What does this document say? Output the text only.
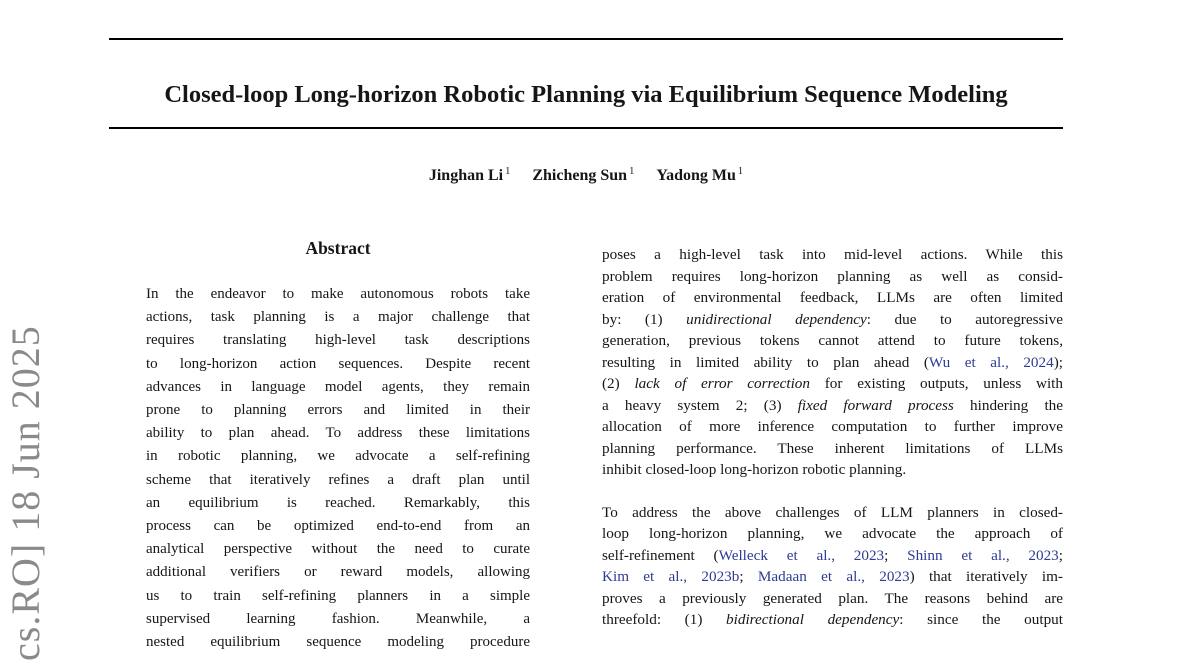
cs.RO] 18 Jun 2025
Closed-loop Long-horizon Robotic Planning via Equilibrium Sequence Modeling
Jinghan Li $^1$ Zhicheng Sun $^1$ Yadong Mu $^1$
Abstract
In the endeavor to make autonomous robots take
actions, task planning is a major challenge that
requires translating high-level task descriptions
to long-horizon action sequences. Despite recent
advances in language model agents, they remain
prone to planning errors and limited in their
ability to plan ahead. To address these limitations
in robotic planning, we advocate a self-refining
scheme that iteratively refines a draft plan until
an equilibrium is reached. Remarkably, this
process can be optimized end-to-end from an
analytical perspective without the need to curate
additional verifiers or reward models, allowing
us to train self-refining planners in a simple
supervised learning fashion. Meanwhile, a
nested equilibrium sequence modeling procedure
poses a high-level task into mid-level actions. While this
problem requires long-horizon planning as well as consid-
eration of environmental feedback, LLMs are often limited
by: (1) unidirectional dependency: due to autoregressive
generation, previous tokens cannot attend to future tokens,
resulting in limited ability to plan ahead (Wu et al., 2024);
(2) lack of error correction for existing outputs, unless with
a heavy system 2; (3) fixed forward process hindering the
allocation of more inference computation to further improve
planning performance. These inherent limitations of LLMs
inhibit closed-loop long-horizon robotic planning.
To address the above challenges of LLM planners in closed-
loop long-horizon planning, we advocate the approach of
self-refinement (Welleck et al., 2023; Shinn et al., 2023;
Kim et al., 2023b; Madaan et al., 2023) that iteratively im-
proves a previously generated plan. The reasons behind are
threefold: (1) bidirectional dependency: since the output
